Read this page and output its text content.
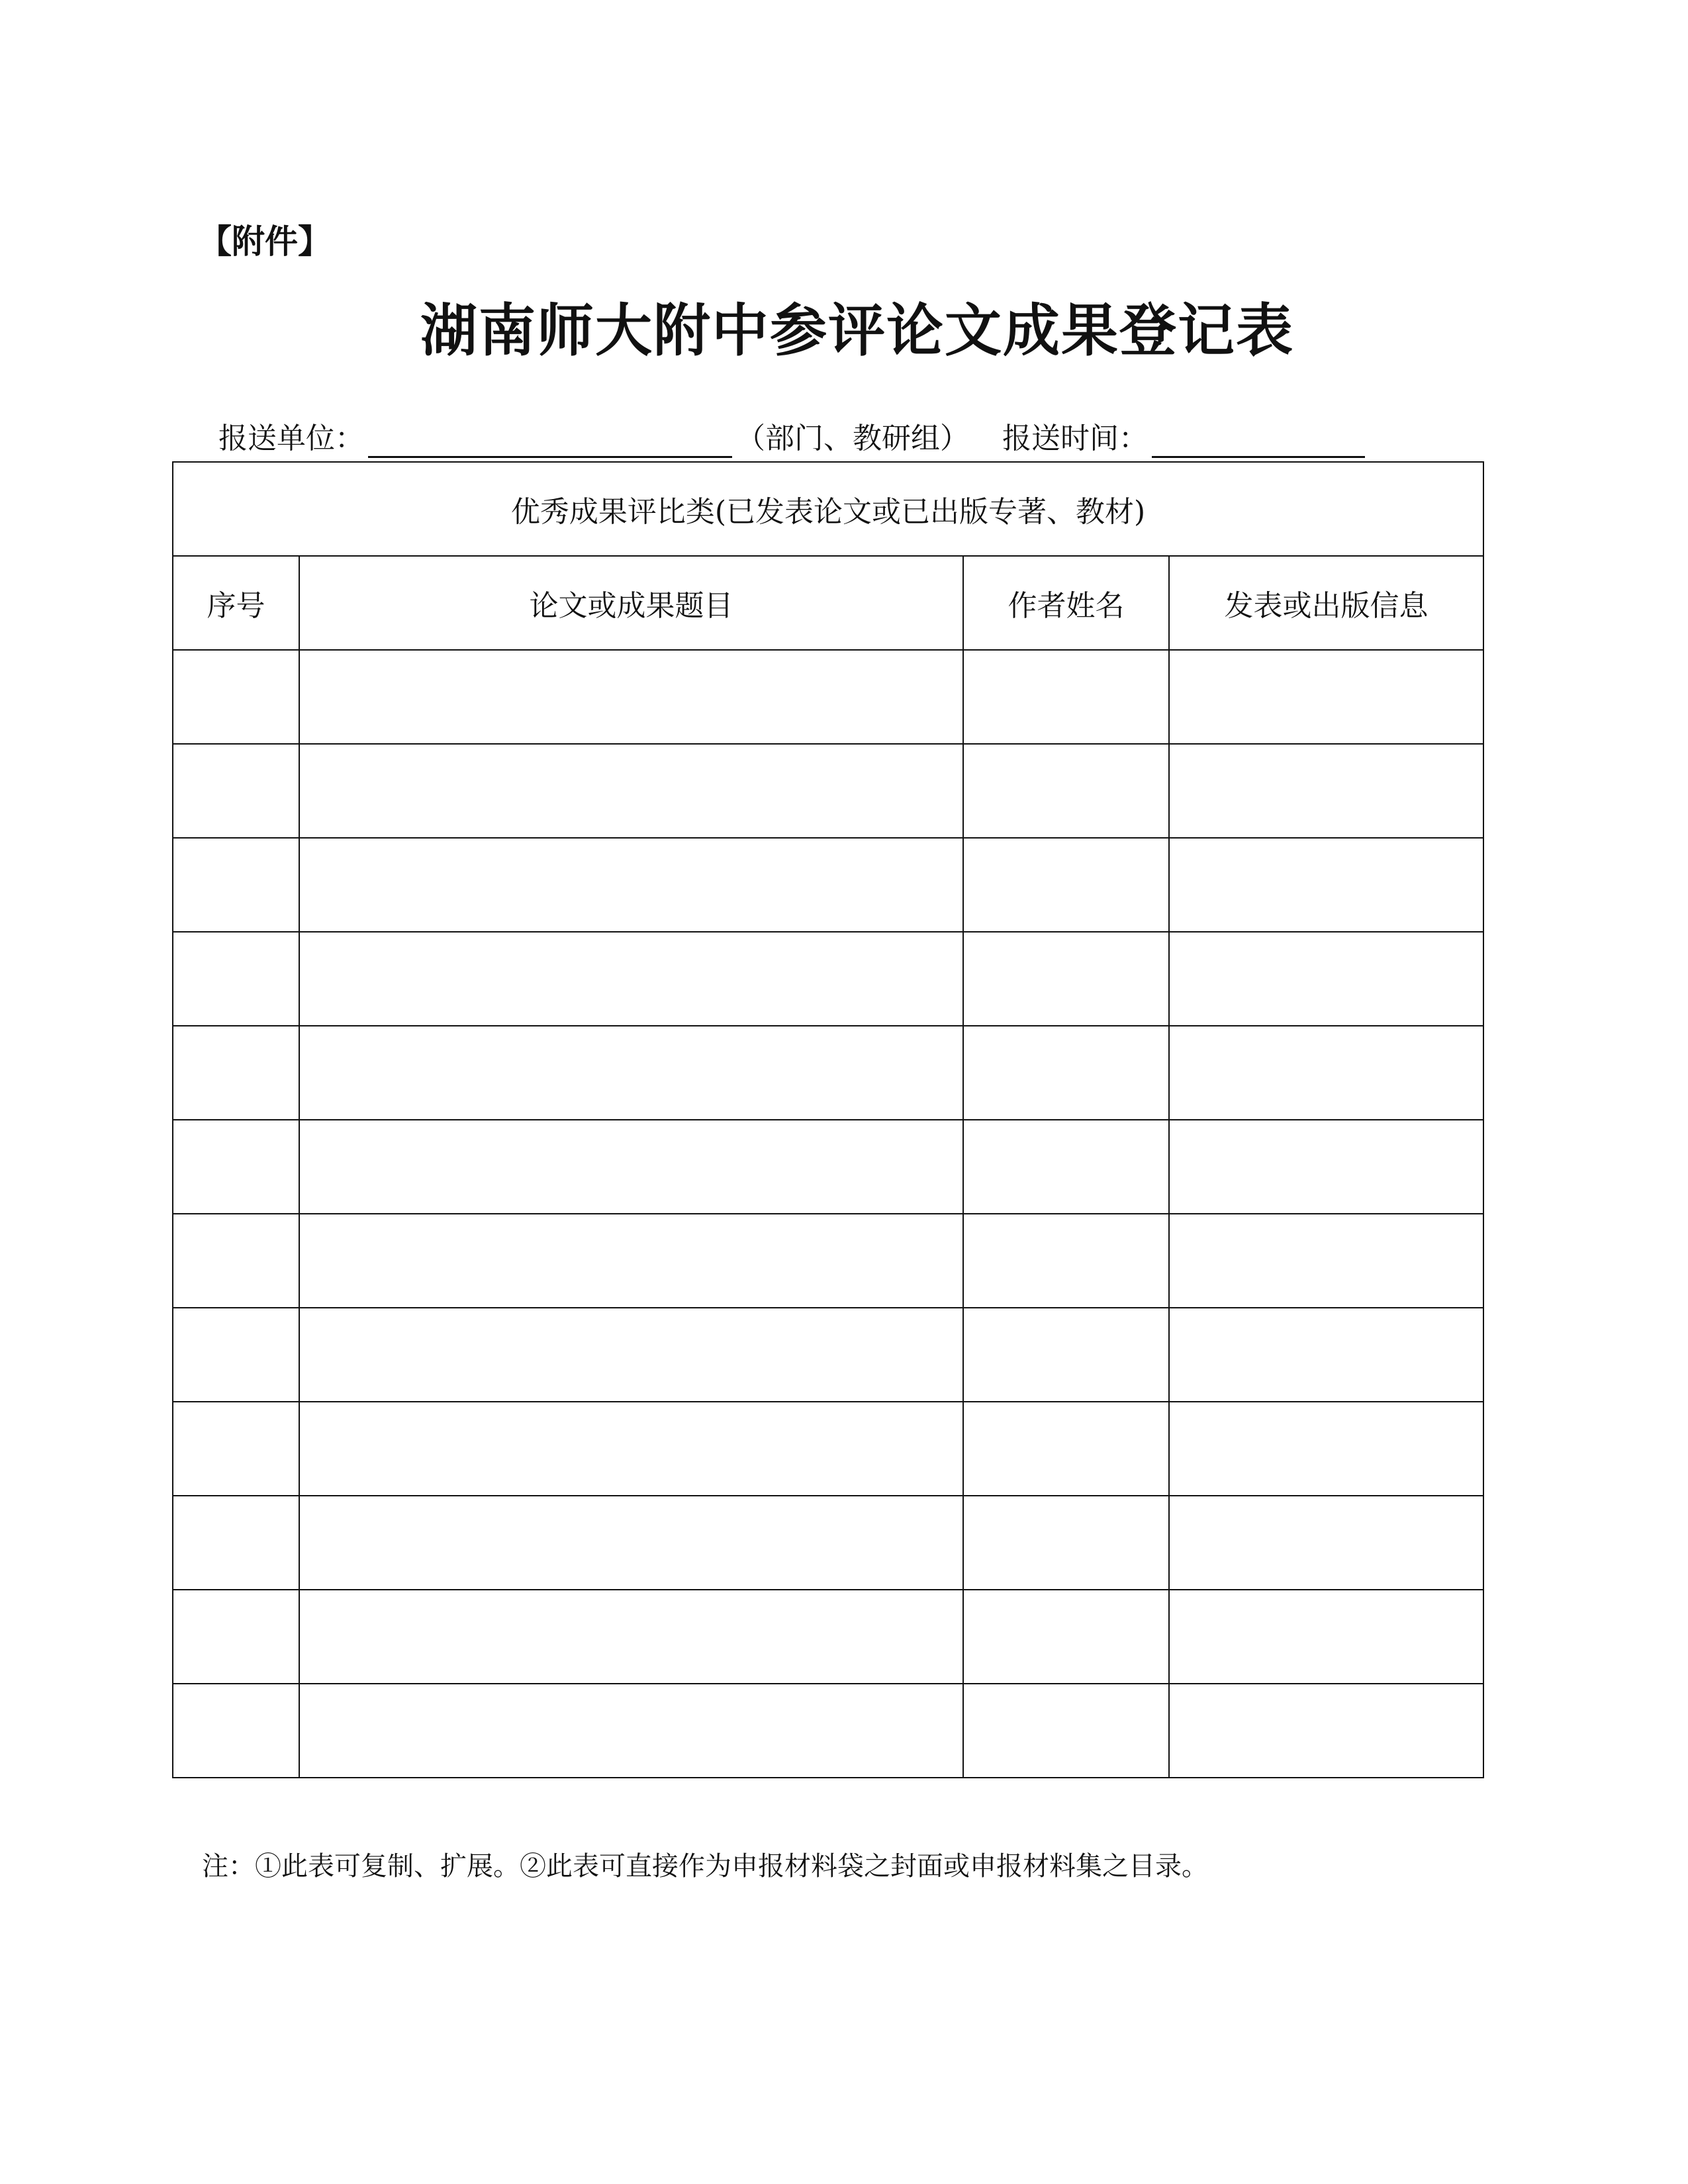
【附件】
湖南师大附中参评论文成果登记表
报送单位：	（部门、教研组） 报送时间：
优秀成果评比类(已发表论文或已出版专著、教材)			
序号	论文或成果题目	作者姓名	发表或出版信息

注：①此表可复制、扩展。②此表可直接作为申报材料袋之封面或申报材料集之目录。
